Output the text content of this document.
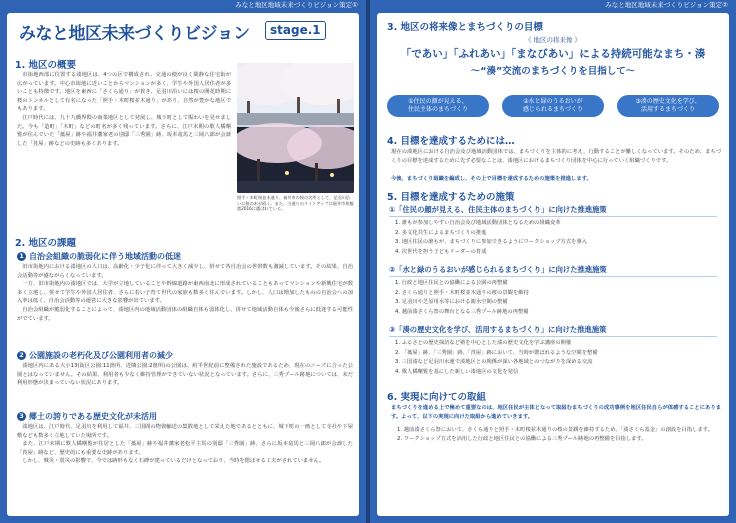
みなと地区地域未来づくりビジョン策定①
みなと地区未来づくりビジョン	stage.1
1. 地区の概要
市街地西部に位置する湊地区は、4つの区で構成され、交通の便が良く閑静な住宅街が広がっています。中心市街地に近いことからマンションが多く、学生や外国人居住者が多いことも特徴です。地区を東西に「さくら通り」が貫き、足羽川沿いには桜の開花時期に桜のトンネルとして有名になった「照手・木町桜並木通り」があり、自然が豊かな地区でもあります。
江戸時代には、九十九橋界隈の商業地区として発展し、城下町として賑わいを見せました。今も「造町」「木町」などの町名が多く残っています。さらに、江戸末期の歌人橘曙覧が住んでいた「藁屋」跡や福井藩家老の別邸「三秀園」跡、坂本竜馬と三岡八郎が会談した「莨屋」跡などの史跡も多くあります。
照手・木町桜並木通り。福井市の桜の名所として、足羽川沿いに桜の木が続く。また、当通りのライトアップは福井市景観賞2016に選ばれている。
2. 地区の課題
1 自治会組織の脆弱化に伴う地域活動の低迷
旧市街地内における湊地区の人口は、高齢化・少子化に伴って大きく減少し、併せて各自治会の世帯数も激減しています。その結果、自治会活動等が盛ながらくなっています。
一方、旧市街地内の湊地区では、大学が立地していることや幹線道路が東西南北に形成されていることもあってマンションや新興住宅が数多く立地し、併せて学生や外国人居住者、さらに若い子育て世代の家族も数多く住んでいます。しかし、人口は増加したものの自治会への加入率は低く、自治会活動等の運営に大きな影響が出ています。
自治会組織が脆弱化することによって、湊地区内の地域活動団体の組織自体も弱体化し、併せて地域活動自体も今後さらに低迷する可能性がでています。
2 公園施設の老朽化及び公園利用者の減少
湊地区内にある大小13(街区公園:11箇所、近隣公園:2箇所)の公園は、約半世紀前に整備された施設であるため、現在のニーズに合った公園とはなっていません。その結果、利用者も少なく維持管理ができていない状況となっています。さらに、三秀プール跡地については、未だ利用形態が決まっていない状況にあります。
3 郷土の誇りである歴史文化が未活用
湊地区は、江戸時代、足羽川を利用して福井、三国間の物資輸送の集散地として栄えた地であるとともに、城下町の一画として寺社や下屋敷なども数多く立地していた場所です。
また、江戸末期に歌人橘曙覧が住居とした「藁屋」跡や福井藩家老松平主馬の別邸「三秀園」跡、さらに坂本竜馬と三岡八郎が会談した「莨屋」跡など、歴史的にも重要な史跡があります。
しかし、戦災・震災の影響で、今では跡形もなく石碑が建っているだけとなっており、当時を偲ばせる工夫がされていません。
みなと地区地域未来づくりビジョン策定②
3. 地区の将来像とまちづくりの目標
《 地区の将来像 》
「であい」「ふれあい」「まなびあい」による持続可能なまち・湊
〜“湊”交流のまちづくりを目指して〜
①住民の顔が見える、
住民主体のまちづくり
②水と緑のうるおいが
感じられるまちづくり
③湊の歴史文化を学び、
活用するまちづくり
4. 目標を達成するためには…
現在の湊地区における自治会及び地域活動団体では、まちづくりを主体的に考え、行動することが難しくなっています。そのため、まちづくりの目標を達成するために先ず必要なことは、湊地区におけるまちづくり団体を中心に行っていく組織づくりです。
今後、まちづくり組織を編成し、その上で目標を達成するための施策を推進します。
5. 目標を達成するための施策
①「住民の顔が見える、住民主体のまちづくり」に向けた推進施策
1. 誰もが参加しやすい自治会及び地域活動団体となるための組織変革
2. 多文化共生によるまちづくりの推進
3. 地区住民の誰もが、まちづくりに参加できるようにワークショップ方式を導入
4. 次世代を担う子どもリーダーの育成
②「水と緑のうるおいが感じられるまちづくり」に向けた推進施策
1. 行政と地区住民との協働による公園の再整備
2. さくら通りと照手・木町桜並木通りの桜の景観を維持
3. 足羽川や芝原用水等における親水空間の整備
4. 越前湊さくら祭の舞台となる三秀プール跡地の再整備
③「湊の歴史文化を学び、活用するまちづくり」に向けた推進施策
1. ふるさとの歴史探訪など塾を中心とした湊の歴史文化を学ぶ講座の開催
2. 「藁屋」跡、「三秀園」跡、「莨屋」跡において、当時が偲ばれるような空間を整備
3. 三国湊など足羽川水運で湊地区との関係が深い各地域とのつながりを深める交流
4. 歌人橘曙覧を基にした新しい湊地区の文化を発信
6. 実現に向けての取組
まちづくりを進める上で極めて重要なのは、地区住民が主体となって取組むまちづくりの成功事例を地区住民自らが体感することにあります。よって、以下の実現に向けた取組から進めていきます。
1. 越前湊さくら祭において、さくら通りと照手・木町桜並木通りの桜の景観を維持するため、「湊さくら基金」の創設を目指します。
2. ワークショップ方式を活用した行政と地区住民との協働による三秀プール跡地の再整備を目指します。
